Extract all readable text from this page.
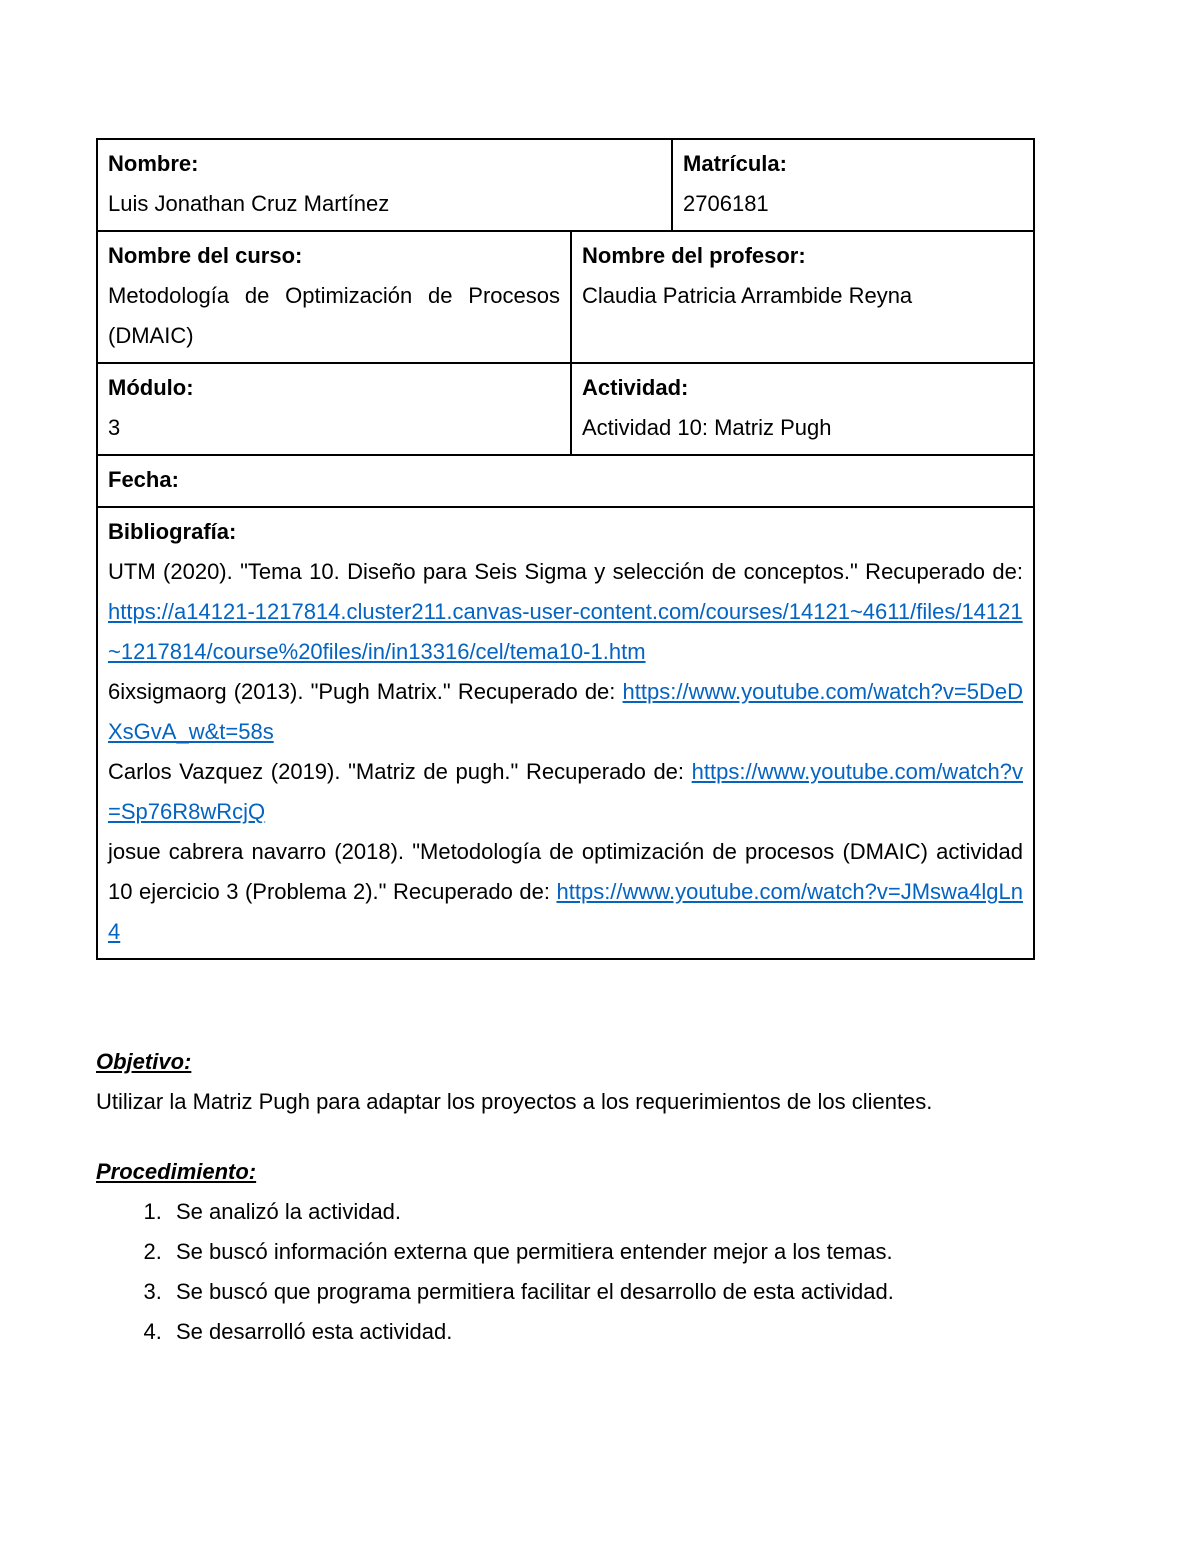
Nombre:
Luis Jonathan Cruz Martínez		Matrícula:
2706181

Nombre del curso:
Metodología de Optimización de Procesos (DMAIC)	Nombre del profesor:
Claudia Patricia Arrambide Reyna	

Módulo:
3	Actividad:
Actividad 10: Matriz Pugh	

Fecha:		

Bibliografía:
UTM (2020). "Tema 10. Diseño para Seis Sigma y selección de conceptos." Recuperado de: https://a14121-1217814.cluster211.canvas-user-content.com/courses/14121~4611/files/14121~1217814/course%20files/in/in13316/cel/tema10-1.htm
6ixsigmaorg (2013). "Pugh Matrix." Recuperado de: https://www.youtube.com/watch?v=5DeDXsGvA_w&t=58s
Carlos Vazquez (2019). "Matriz de pugh." Recuperado de: https://www.youtube.com/watch?v=Sp76R8wRcjQ
josue cabrera navarro (2018). "Metodología de optimización de procesos (DMAIC) actividad 10 ejercicio 3 (Problema 2)." Recuperado de: https://www.youtube.com/watch?v=JMswa4lgLn4		
Objetivo:
Utilizar la Matriz Pugh para adaptar los proyectos a los requerimientos de los clientes.
Procedimiento:
1. Se analizó la actividad.
2. Se buscó información externa que permitiera entender mejor a los temas.
3. Se buscó que programa permitiera facilitar el desarrollo de esta actividad.
4. Se desarrolló esta actividad.
